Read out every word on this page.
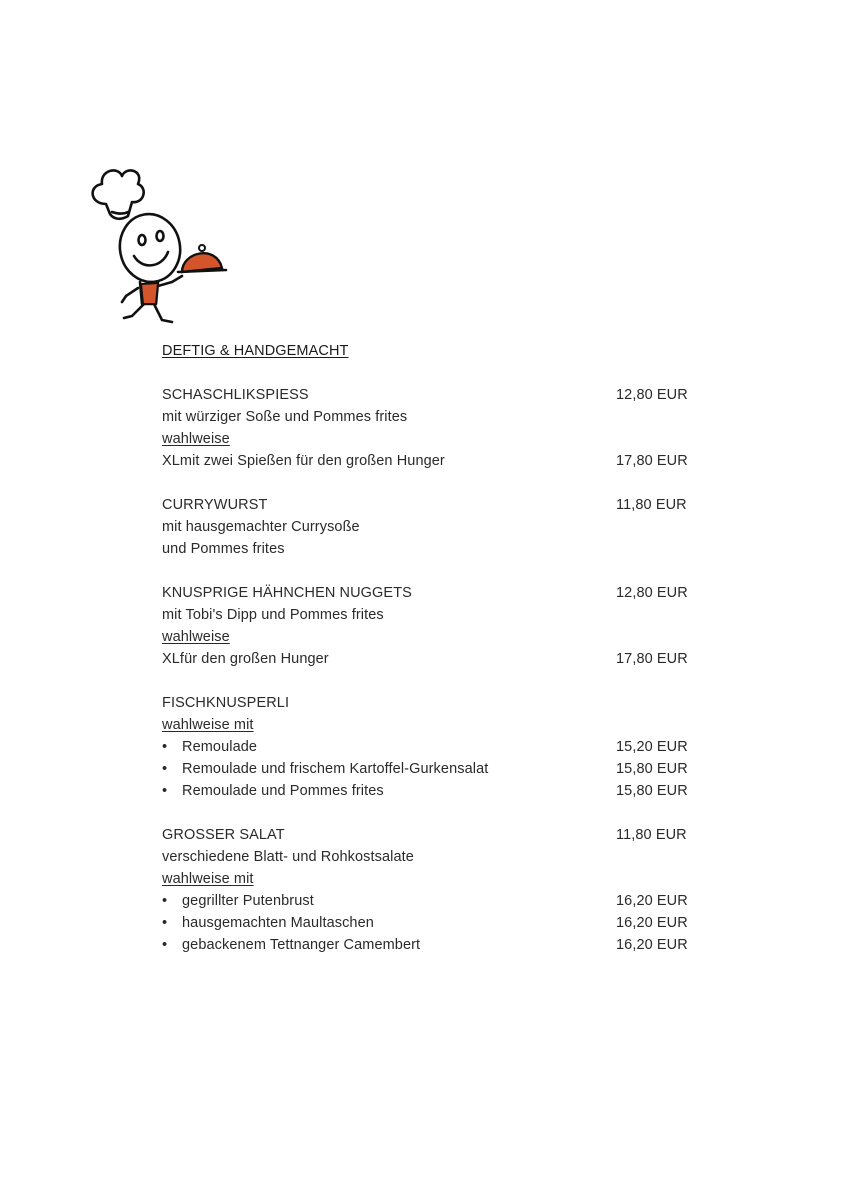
DEFTIG & HANDGEMACHT
SCHASCHLIKSPIESS	12,80 EUR
mit würziger Soße und Pommes frites
wahlweise
XLmit zwei Spießen für den großen Hunger	17,80 EUR
CURRYWURST	11,80 EUR
mit hausgemachter Currysoße
und Pommes frites
KNUSPRIGE HÄHNCHEN NUGGETS	12,80 EUR
mit Tobi's Dipp und Pommes frites
wahlweise
XLfür den großen Hunger	17,80 EUR
FISCHKNUSPERLI
wahlweise mit
•	Remoulade	15,20 EUR
•	Remoulade und frischem Kartoffel-Gurkensalat	15,80 EUR
•	Remoulade und Pommes frites	15,80 EUR
GROSSER SALAT	11,80 EUR
verschiedene Blatt- und Rohkostsalate
wahlweise mit
•	gegrillter Putenbrust	16,20 EUR
•	hausgemachten Maultaschen	16,20 EUR
•	gebackenem Tettnanger Camembert	16,20 EUR
